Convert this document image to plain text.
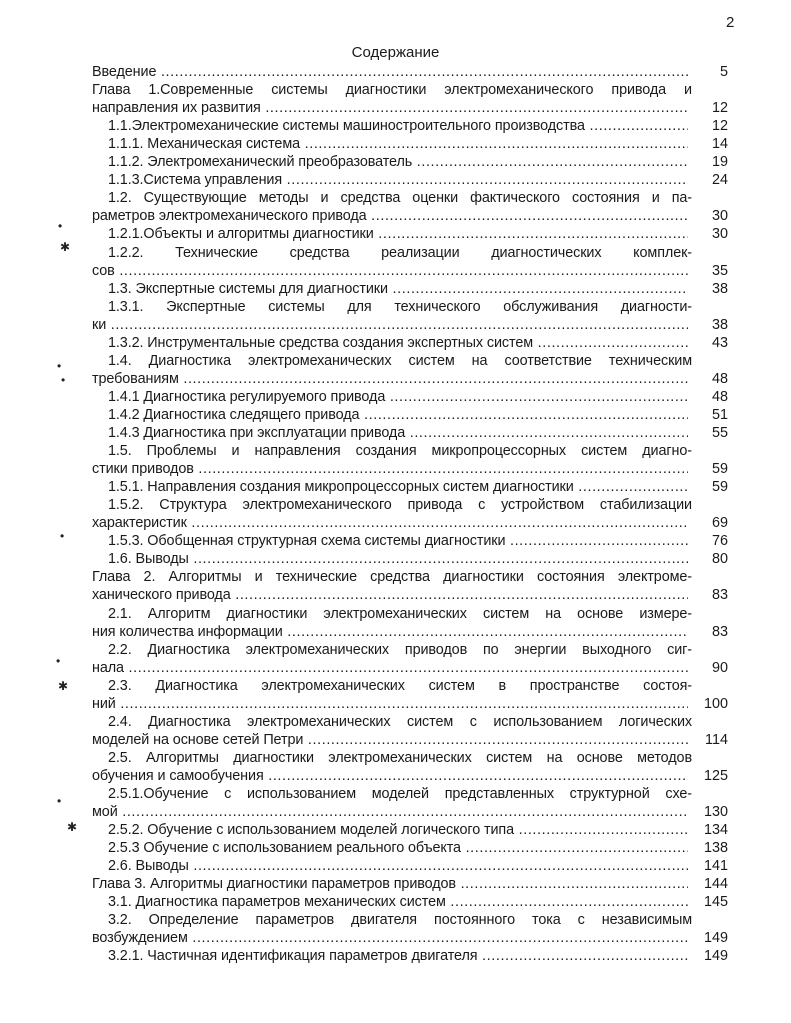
2
Содержание
Введение .....	5
Глава 1.Современные системы диагностики электромеханического привода и
направления их развития .....	12
1.1.Электромеханические системы машиностроительного производства .....	12
1.1.1. Механическая система .....	14
1.1.2. Электромеханический преобразователь .....	19
1.1.3.Система управления .....	24
1.2. Существующие методы и средства оценки фактического состояния и па-
раметров электромеханического привода .....	30
1.2.1.Объекты и алгоритмы диагностики .....	30
1.2.2. Технические средства реализации диагностических комплек-
сов .....	35
1.3. Экспертные системы для диагностики .....	38
1.3.1. Экспертные системы для технического обслуживания диагности-
ки .....	38
1.3.2. Инструментальные средства создания экспертных систем .....	43
1.4. Диагностика электромеханических систем на соответствие техническим
требованиям .....	48
1.4.1 Диагностика регулируемого привода .....	48
1.4.2 Диагностика следящего привода .....	51
1.4.3 Диагностика при эксплуатации привода .....	55
1.5. Проблемы и направления создания микропроцессорных систем диагно-
стики приводов .....	59
1.5.1. Направления создания микропроцессорных систем диагностики .....	59
1.5.2. Структура электромеханического привода с устройством стабилизации
характеристик .....	69
1.5.3. Обобщенная структурная схема системы диагностики .....	76
1.6. Выводы .....	80
Глава 2. Алгоритмы и технические средства диагностики состояния электроме-
ханического привода .....	83
2.1. Алгоритм диагностики электромеханических систем на основе измере-
ния количества информации .....	83
2.2. Диагностика электромеханических приводов по энергии выходного сиг-
нала .....	90
2.3. Диагностика электромеханических систем в пространстве состоя-
ний .....	100
2.4. Диагностика электромеханических систем с использованием логических
моделей на основе сетей Петри .....	114
2.5. Алгоритмы диагностики электромеханических систем на основе методов
обучения и самообучения .....	125
2.5.1.Обучение с использованием моделей представленных структурной схе-
мой .....	130
2.5.2. Обучение с использованием моделей логического типа .....	134
2.5.3 Обучение с использованием реального объекта .....	138
2.6. Выводы .....	141
Глава 3. Алгоритмы диагностики параметров приводов .....	144
3.1. Диагностика параметров механических систем .....	145
3.2. Определение параметров двигателя постоянного тока с независимым
возбуждением .....	149
3.2.1. Частичная идентификация параметров двигателя .....	149
•
✱
•
•
•
•
✱
•
✱
